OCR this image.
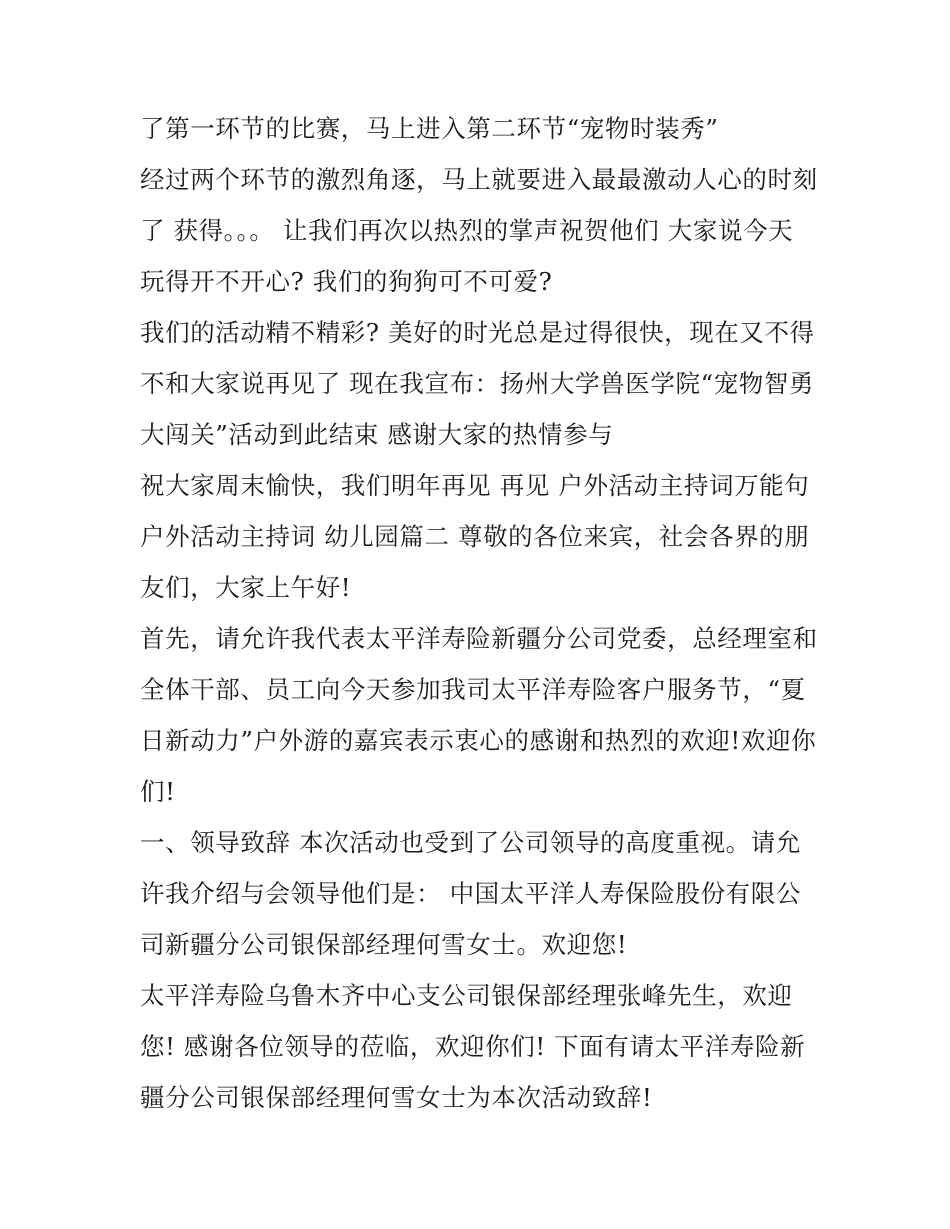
了第一环节的比赛，马上进入第二环节“宠物时装秀”
经过两个环节的激烈角逐，马上就要进入最最激动人心的时刻
了 获得。。。 让我们再次以热烈的掌声祝贺他们 大家说今天
玩得开不开心? 我们的狗狗可不可爱?
我们的活动精不精彩? 美好的时光总是过得很快，现在又不得
不和大家说再见了 现在我宣布：扬州大学兽医学院“宠物智勇
大闯关”活动到此结束 感谢大家的热情参与
祝大家周末愉快，我们明年再见 再见 户外活动主持词万能句
户外活动主持词 幼儿园篇二 尊敬的各位来宾，社会各界的朋
友们，大家上午好!
首先，请允许我代表太平洋寿险新疆分公司党委，总经理室和
全体干部、员工向今天参加我司太平洋寿险客户服务节，“夏
日新动力”户外游的嘉宾表示衷心的感谢和热烈的欢迎!欢迎你
们!
一、领导致辞 本次活动也受到了公司领导的高度重视。请允
许我介绍与会领导他们是： 中国太平洋人寿保险股份有限公
司新疆分公司银保部经理何雪女士。欢迎您!
太平洋寿险乌鲁木齐中心支公司银保部经理张峰先生，欢迎
您! 感谢各位领导的莅临，欢迎你们! 下面有请太平洋寿险新
疆分公司银保部经理何雪女士为本次活动致辞!
